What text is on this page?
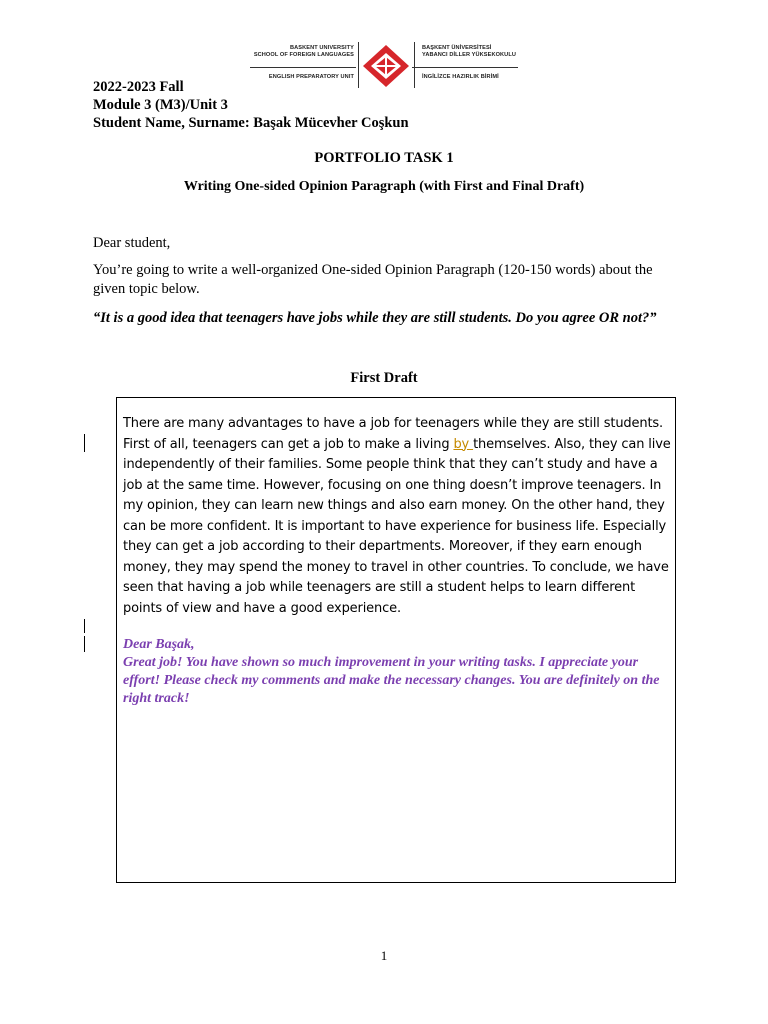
BASKENT UNIVERSITY
SCHOOL OF FOREIGN LANGUAGES
ENGLISH PREPARATORY UNIT
BAŞKENT ÜNİVERSİTESİ
YABANCI DİLLER YÜKSEKOKULU
İNGİLİZCE HAZIRLIK BİRİMİ
2022-2023 Fall
Module 3 (M3)/Unit 3
Student Name, Surname: Başak Mücevher Coşkun
PORTFOLIO TASK 1
Writing One-sided Opinion Paragraph (with First and Final Draft)
Dear student,
You’re going to write a well-organized One-sided Opinion Paragraph (120-150 words) about the given topic below.
“It is a good idea that teenagers have jobs while they are still students. Do you agree OR not?”
First Draft
There are many advantages to have a job for teenagers while they are still students. First of all, teenagers can get a job to make a living by themselves. Also, they can live independently of their families. Some people think that they can’t study and have a job at the same time. However, focusing on one thing doesn’t improve teenagers. In my opinion, they can learn new things and also earn money. On the other hand, they can be more confident. It is important to have experience for business life. Especially they can get a job according to their departments. Moreover, if they earn enough money, they may spend the money to travel in other countries. To conclude, we have seen that having a job while teenagers are still a student helps to learn different points of view and have a good experience.
Dear Başak,
Great job! You have shown so much improvement in your writing tasks. I appreciate your effort! Please check my comments and make the necessary changes. You are definitely on the right track!
1
